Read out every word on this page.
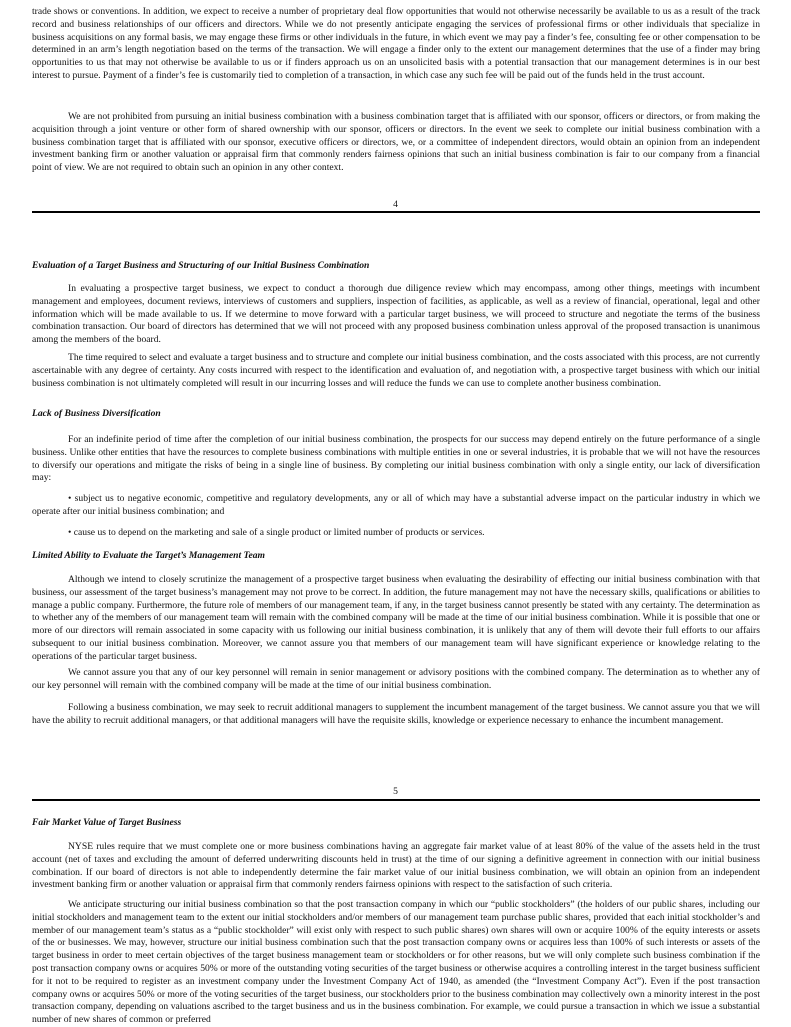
trade shows or conventions. In addition, we expect to receive a number of proprietary deal flow opportunities that would not otherwise necessarily be available to us as a result of the track record and business relationships of our officers and directors. While we do not presently anticipate engaging the services of professional firms or other individuals that specialize in business acquisitions on any formal basis, we may engage these firms or other individuals in the future, in which event we may pay a finder’s fee, consulting fee or other compensation to be determined in an arm’s length negotiation based on the terms of the transaction. We will engage a finder only to the extent our management determines that the use of a finder may bring opportunities to us that may not otherwise be available to us or if finders approach us on an unsolicited basis with a potential transaction that our management determines is in our best interest to pursue. Payment of a finder’s fee is customarily tied to completion of a transaction, in which case any such fee will be paid out of the funds held in the trust account.

We are not prohibited from pursuing an initial business combination with a business combination target that is affiliated with our sponsor, officers or directors, or from making the acquisition through a joint venture or other form of shared ownership with our sponsor, officers or directors. In the event we seek to complete our initial business combination with a business combination target that is affiliated with our sponsor, executive officers or directors, we, or a committee of independent directors, would obtain an opinion from an independent investment banking firm or another valuation or appraisal firm that commonly renders fairness opinions that such an initial business combination is fair to our company from a financial point of view. We are not required to obtain such an opinion in any other context.

4

Evaluation of a Target Business and Structuring of our Initial Business Combination

In evaluating a prospective target business, we expect to conduct a thorough due diligence review which may encompass, among other things, meetings with incumbent management and employees, document reviews, interviews of customers and suppliers, inspection of facilities, as applicable, as well as a review of financial, operational, legal and other information which will be made available to us. If we determine to move forward with a particular target business, we will proceed to structure and negotiate the terms of the business combination transaction. Our board of directors has determined that we will not proceed with any proposed business combination unless approval of the proposed transaction is unanimous among the members of the board.

The time required to select and evaluate a target business and to structure and complete our initial business combination, and the costs associated with this process, are not currently ascertainable with any degree of certainty. Any costs incurred with respect to the identification and evaluation of, and negotiation with, a prospective target business with which our initial business combination is not ultimately completed will result in our incurring losses and will reduce the funds we can use to complete another business combination.

Lack of Business Diversification

For an indefinite period of time after the completion of our initial business combination, the prospects for our success may depend entirely on the future performance of a single business. Unlike other entities that have the resources to complete business combinations with multiple entities in one or several industries, it is probable that we will not have the resources to diversify our operations and mitigate the risks of being in a single line of business. By completing our initial business combination with only a single entity, our lack of diversification may:

• subject us to negative economic, competitive and regulatory developments, any or all of which may have a substantial adverse impact on the particular industry in which we operate after our initial business combination; and

• cause us to depend on the marketing and sale of a single product or limited number of products or services.

Limited Ability to Evaluate the Target’s Management Team

Although we intend to closely scrutinize the management of a prospective target business when evaluating the desirability of effecting our initial business combination with that business, our assessment of the target business’s management may not prove to be correct. In addition, the future management may not have the necessary skills, qualifications or abilities to manage a public company. Furthermore, the future role of members of our management team, if any, in the target business cannot presently be stated with any certainty. The determination as to whether any of the members of our management team will remain with the combined company will be made at the time of our initial business combination. While it is possible that one or more of our directors will remain associated in some capacity with us following our initial business combination, it is unlikely that any of them will devote their full efforts to our affairs subsequent to our initial business combination. Moreover, we cannot assure you that members of our management team will have significant experience or knowledge relating to the operations of the particular target business.

We cannot assure you that any of our key personnel will remain in senior management or advisory positions with the combined company. The determination as to whether any of our key personnel will remain with the combined company will be made at the time of our initial business combination.

Following a business combination, we may seek to recruit additional managers to supplement the incumbent management of the target business. We cannot assure you that we will have the ability to recruit additional managers, or that additional managers will have the requisite skills, knowledge or experience necessary to enhance the incumbent management.

5

Fair Market Value of Target Business

NYSE rules require that we must complete one or more business combinations having an aggregate fair market value of at least 80% of the value of the assets held in the trust account (net of taxes and excluding the amount of deferred underwriting discounts held in trust) at the time of our signing a definitive agreement in connection with our initial business combination. If our board of directors is not able to independently determine the fair market value of our initial business combination, we will obtain an opinion from an independent investment banking firm or another valuation or appraisal firm that commonly renders fairness opinions with respect to the satisfaction of such criteria.

We anticipate structuring our initial business combination so that the post transaction company in which our “public stockholders” (the holders of our public shares, including our initial stockholders and management team to the extent our initial stockholders and/or members of our management team purchase public shares, provided that each initial stockholder’s and member of our management team’s status as a “public stockholder” will exist only with respect to such public shares) own shares will own or acquire 100% of the equity interests or assets of the or businesses. We may, however, structure our initial business combination such that the post transaction company owns or acquires less than 100% of such interests or assets of the target business in order to meet certain objectives of the target business management team or stockholders or for other reasons, but we will only complete such business combination if the post transaction company owns or acquires 50% or more of the outstanding voting securities of the target business or otherwise acquires a controlling interest in the target business sufficient for it not to be required to register as an investment company under the Investment Company Act of 1940, as amended (the “Investment Company Act”). Even if the post transaction company owns or acquires 50% or more of the voting securities of the target business, our stockholders prior to the business combination may collectively own a minority interest in the post transaction company, depending on valuations ascribed to the target business and us in the business combination. For example, we could pursue a transaction in which we issue a substantial number of new shares of common or preferred
